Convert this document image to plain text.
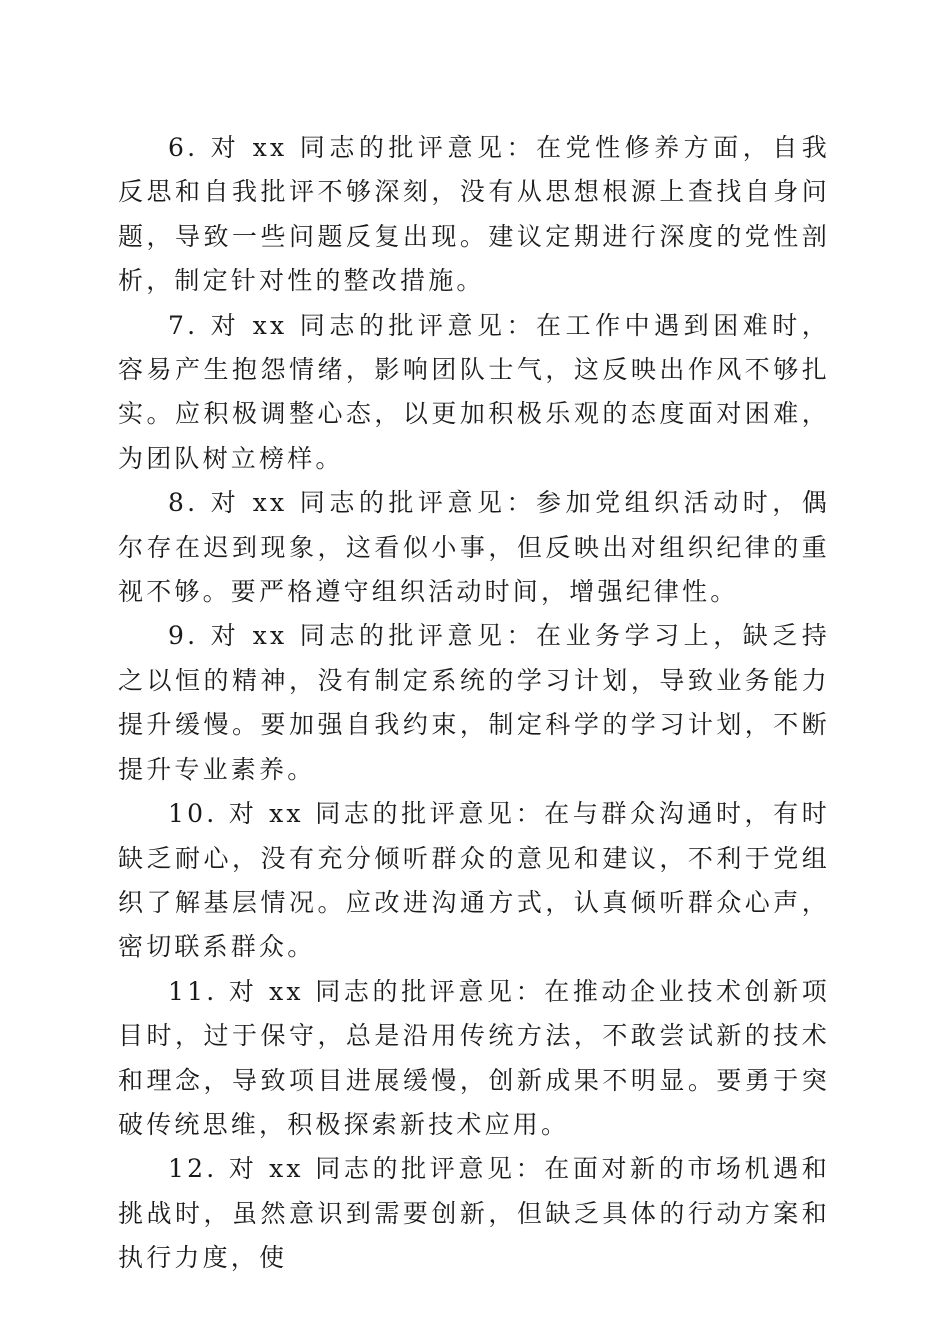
6. 对 xx 同志的批评意见：在党性修养方面，自我反思和自我批评不够深刻，没有从思想根源上查找自身问题，导致一些问题反复出现。建议定期进行深度的党性剖析，制定针对性的整改措施。

7. 对 xx 同志的批评意见：在工作中遇到困难时，容易产生抱怨情绪，影响团队士气，这反映出作风不够扎实。应积极调整心态，以更加积极乐观的态度面对困难，为团队树立榜样。

8. 对 xx 同志的批评意见：参加党组织活动时，偶尔存在迟到现象，这看似小事，但反映出对组织纪律的重视不够。要严格遵守组织活动时间，增强纪律性。

9. 对 xx 同志的批评意见：在业务学习上，缺乏持之以恒的精神，没有制定系统的学习计划，导致业务能力提升缓慢。要加强自我约束，制定科学的学习计划，不断提升专业素养。

10. 对 xx 同志的批评意见：在与群众沟通时，有时缺乏耐心，没有充分倾听群众的意见和建议，不利于党组织了解基层情况。应改进沟通方式，认真倾听群众心声，密切联系群众。

11. 对 xx 同志的批评意见：在推动企业技术创新项目时，过于保守，总是沿用传统方法，不敢尝试新的技术和理念，导致项目进展缓慢，创新成果不明显。要勇于突破传统思维，积极探索新技术应用。

12. 对 xx 同志的批评意见：在面对新的市场机遇和挑战时，虽然意识到需要创新，但缺乏具体的行动方案和执行力度，使
